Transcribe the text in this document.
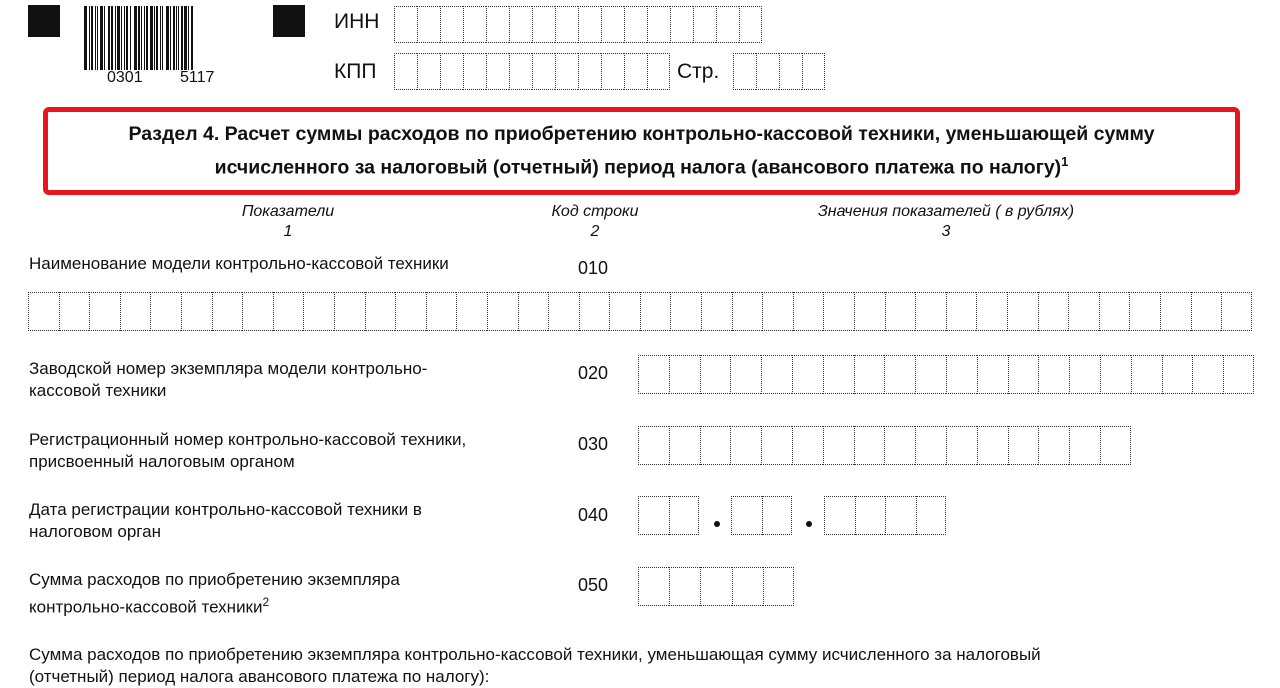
0301 5117
ИНН
КПП	Стр.
Раздел 4. Расчет суммы расходов по приобретению контрольно-кассовой техники, уменьшающей сумму
исчисленного за налоговый (отчетный) период налога (авансового платежа по налогу)$^1$
Показатели
1
Код строки
2
Значения показателей ( в рублях)
3
Наименование модели контрольно-кассовой техники	010
Заводской номер экземпляра модели контрольно-
кассовой техники
020
Регистрационный номер контрольно-кассовой техники,
присвоенный налоговым органом
030
Дата регистрации контрольно-кассовой техники в
налоговом орган
040
Сумма расходов по приобретению экземпляра
контрольно-кассовой техники$^2$
050
Сумма расходов по приобретению экземпляра контрольно-кассовой техники, уменьшающая сумму исчисленного за налоговый
(отчетный) период налога авансового платежа по налогу):
